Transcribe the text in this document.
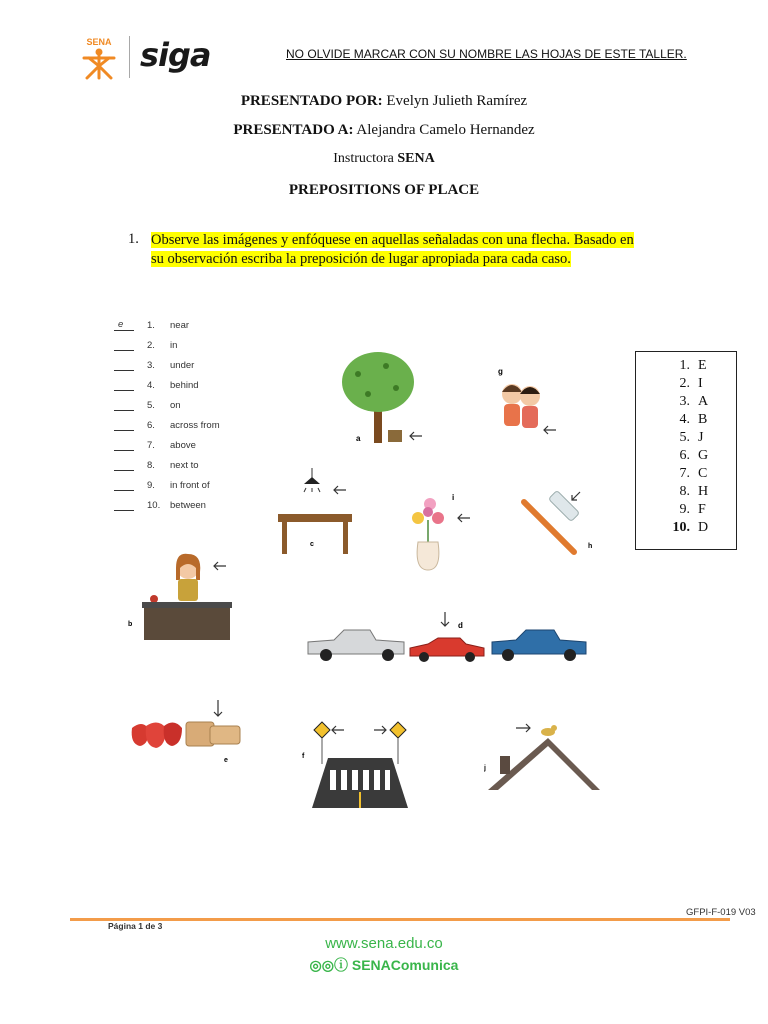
SENA siga	NO OLVIDE MARCAR CON SU NOMBRE LAS HOJAS DE ESTE TALLER.
PRESENTADO POR: Evelyn Julieth Ramírez
PRESENTADO A: Alejandra Camelo Hernandez
Instructora SENA
PREPOSITIONS OF PLACE
1. Observe las imágenes y enfóquese en aquellas señaladas con una flecha. Basado en
su observación escriba la preposición de lugar apropiada para cada caso.
e 1. near
2. in
3. under
4. behind
5. on
6. across from
7. above
8. next to
9. in front of
10. between
1. E
2. I
3. A
4. B
5. J
6. G
7. C
8. H
9. F
10. D
a
g
c
i
h
b	d
e
f
j
GFPI-F-019 V03
Página 1 de 3
www.sena.edu.co
◎◎ⓘ SENAComunica
